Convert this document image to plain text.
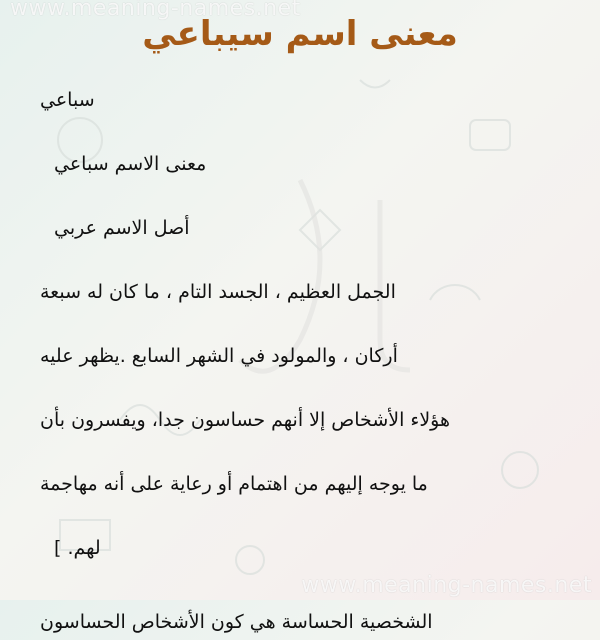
www.meaning-names.net
www.meaning-names.net
معنى اسم سيباعي
سباعي
معنى الاسم سباعي
أصل الاسم عربي
الجمل العظيم ، الجسد التام ، ما كان له سبعة
أركان ، والمولود في الشهر السابع .يظهر عليه
هؤلاء الأشخاص إلا أنهم حساسون جدا، ويفسرون بأن
ما يوجه إليهم من اهتمام أو رعاية على أنه مهاجمة
لهم. ]
الشخصية الحساسة هي كون الأشخاص الحساسون
